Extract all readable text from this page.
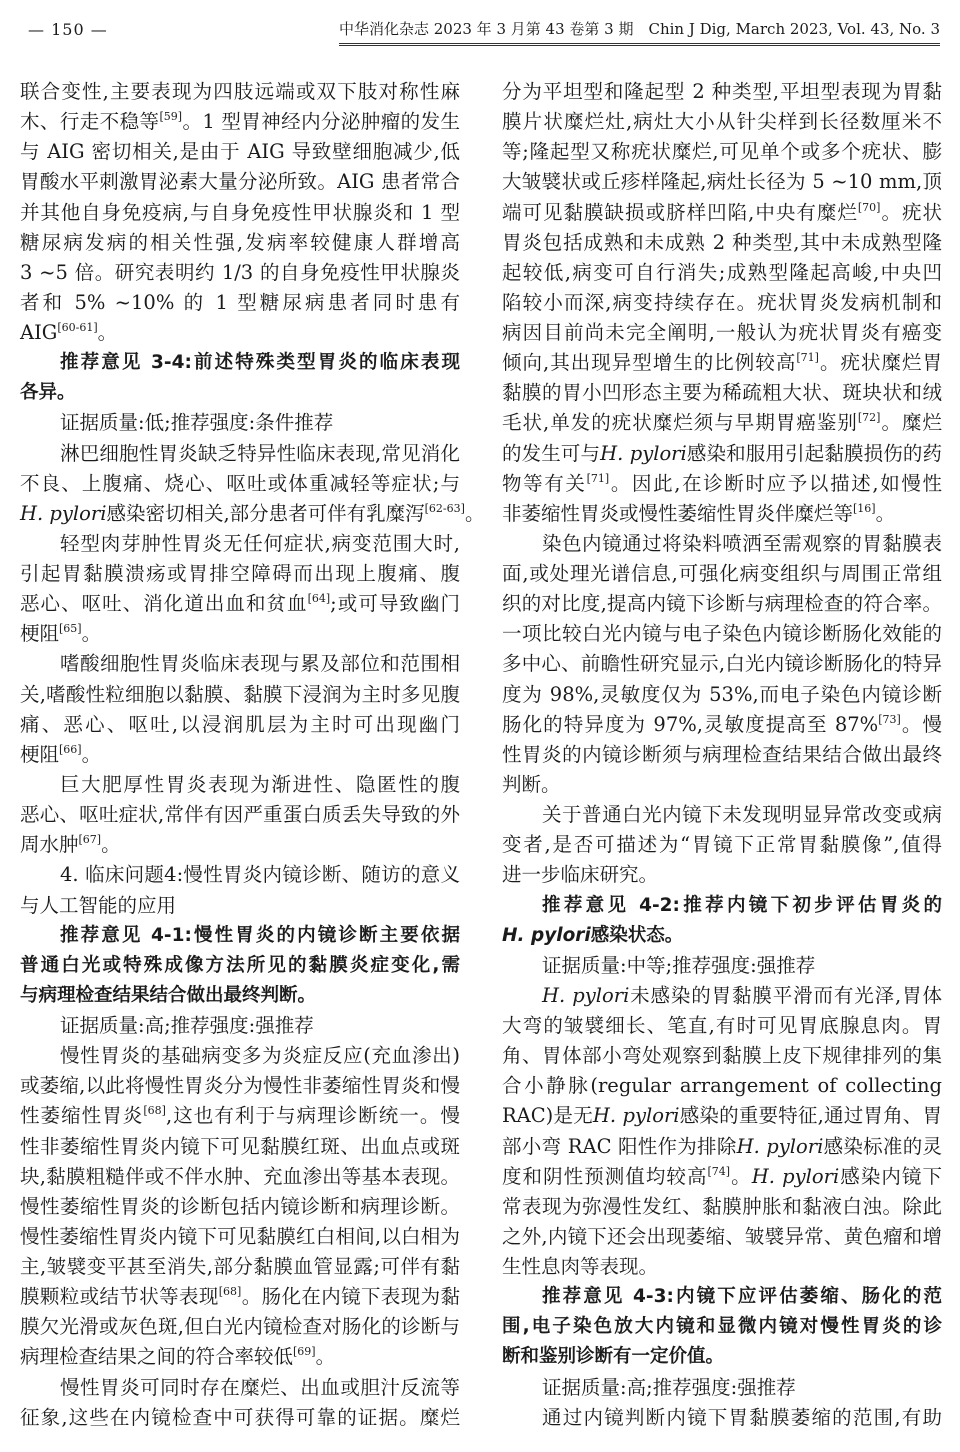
— 150 —	中华消化杂志 2023 年 3 月第 43 卷第 3 期　Chin J Dig, March 2023, Vol. 43, No. 3
联合变性,主要表现为四肢远端或双下肢对称性麻
木、行走不稳等[59]。1 型胃神经内分泌肿瘤的发生
与 AIG 密切相关,是由于 AIG 导致壁细胞减少,低
胃酸水平刺激胃泌素大量分泌所致。AIG 患者常合
并其他自身免疫病,与自身免疫性甲状腺炎和 1 型
糖尿病发病的相关性强,发病率较健康人群增高
3 ~5 倍。研究表明约 1/3 的自身免疫性甲状腺炎
者和 5% ~10% 的 1 型糖尿病患者同时患有
AIG[60-61]。
推荐意见 3-4:前述特殊类型胃炎的临床表现
各异。
证据质量:低;推荐强度:条件推荐
淋巴细胞性胃炎缺乏特异性临床表现,常见消化
不良、上腹痛、烧心、呕吐或体重减轻等症状;与
H. pylori感染密切相关,部分患者可伴有乳糜泻[62-63]。
轻型肉芽肿性胃炎无任何症状,病变范围大时,
引起胃黏膜溃疡或胃排空障碍而出现上腹痛、腹
恶心、呕吐、消化道出血和贫血[64];或可导致幽门
梗阻[65]。
嗜酸细胞性胃炎临床表现与累及部位和范围相
关,嗜酸性粒细胞以黏膜、黏膜下浸润为主时多见腹
痛、恶心、呕吐,以浸润肌层为主时可出现幽门
梗阻[66]。
巨大肥厚性胃炎表现为渐进性、隐匿性的腹
恶心、呕吐症状,常伴有因严重蛋白质丢失导致的外
周水肿[67]。
4. 临床问题4:慢性胃炎内镜诊断、随访的意义
与人工智能的应用
推荐意见 4-1:慢性胃炎的内镜诊断主要依据
普通白光或特殊成像方法所见的黏膜炎症变化,需
与病理检查结果结合做出最终判断。
证据质量:高;推荐强度:强推荐
慢性胃炎的基础病变多为炎症反应(充血渗出)
或萎缩,以此将慢性胃炎分为慢性非萎缩性胃炎和慢
性萎缩性胃炎[68],这也有利于与病理诊断统一。慢
性非萎缩性胃炎内镜下可见黏膜红斑、出血点或斑
块,黏膜粗糙伴或不伴水肿、充血渗出等基本表现。
慢性萎缩性胃炎的诊断包括内镜诊断和病理诊断。
慢性萎缩性胃炎内镜下可见黏膜红白相间,以白相为
主,皱襞变平甚至消失,部分黏膜血管显露;可伴有黏
膜颗粒或结节状等表现[68]。肠化在内镜下表现为黏
膜欠光滑或灰色斑,但白光内镜检查对肠化的诊断与
病理检查结果之间的符合率较低[69]。
慢性胃炎可同时存在糜烂、出血或胆汁反流等
征象,这些在内镜检查中可获得可靠的证据。糜烂
分为平坦型和隆起型 2 种类型,平坦型表现为胃黏
膜片状糜烂灶,病灶大小从针尖样到长径数厘米不
等;隆起型又称疣状糜烂,可见单个或多个疣状、膨
大皱襞状或丘疹样隆起,病灶长径为 5 ~10 mm,顶
端可见黏膜缺损或脐样凹陷,中央有糜烂[70]。疣状
胃炎包括成熟和未成熟 2 种类型,其中未成熟型隆
起较低,病变可自行消失;成熟型隆起高峻,中央凹
陷较小而深,病变持续存在。疣状胃炎发病机制和
病因目前尚未完全阐明,一般认为疣状胃炎有癌变
倾向,其出现异型增生的比例较高[71]。疣状糜烂胃
黏膜的胃小凹形态主要为稀疏粗大状、斑块状和绒
毛状,单发的疣状糜烂须与早期胃癌鉴别[72]。糜烂
的发生可与H. pylori感染和服用引起黏膜损伤的药
物等有关[71]。因此,在诊断时应予以描述,如慢性
非萎缩性胃炎或慢性萎缩性胃炎伴糜烂等[16]。
染色内镜通过将染料喷洒至需观察的胃黏膜表
面,或处理光谱信息,可强化病变组织与周围正常组
织的对比度,提高内镜下诊断与病理检查的符合率。
一项比较白光内镜与电子染色内镜诊断肠化效能的
多中心、前瞻性研究显示,白光内镜诊断肠化的特异
度为 98%,灵敏度仅为 53%,而电子染色内镜诊断
肠化的特异度为 97%,灵敏度提高至 87%[73]。慢
性胃炎的内镜诊断须与病理检查结果结合做出最终
判断。
关于普通白光内镜下未发现明显异常改变或病
变者,是否可描述为“胃镜下正常胃黏膜像”,值得
进一步临床研究。
推荐意见 4-2:推荐内镜下初步评估胃炎的
H. pylori感染状态。
证据质量:中等;推荐强度:强推荐
H. pylori未感染的胃黏膜平滑而有光泽,胃体
大弯的皱襞细长、笔直,有时可见胃底腺息肉。胃
角、胃体部小弯处观察到黏膜上皮下规律排列的集
合小静脉(regular arrangement of collecting
RAC)是无H. pylori感染的重要特征,通过胃角、胃
部小弯 RAC 阳性作为排除H. pylori感染标准的灵
度和阴性预测值均较高[74]。H. pylori感染内镜下
常表现为弥漫性发红、黏膜肿胀和黏液白浊。除此
之外,内镜下还会出现萎缩、皱襞异常、黄色瘤和增
生性息肉等表现。
推荐意见 4-3:内镜下应评估萎缩、肠化的范
围,电子染色放大内镜和显微内镜对慢性胃炎的诊
断和鉴别诊断有一定价值。
证据质量:高;推荐强度:强推荐
通过内镜判断内镜下胃黏膜萎缩的范围,有助
